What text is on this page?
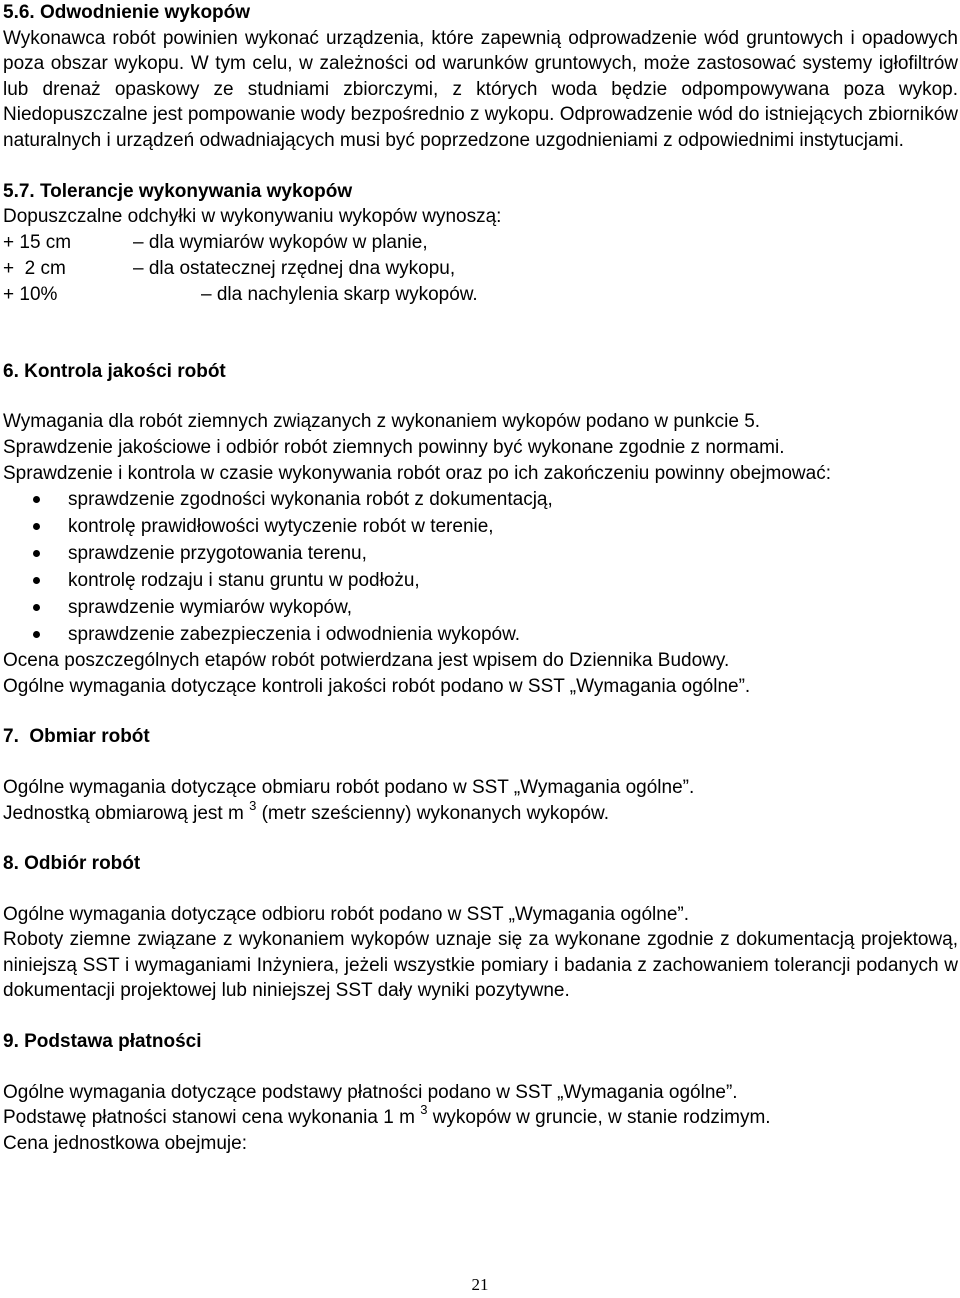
5.6. Odwodnienie wykopów

Wykonawca robót powinien wykonać urządzenia, które zapewnią odprowadzenie wód gruntowych i opadowych poza obszar wykopu. W tym celu, w zależności od warunków gruntowych, może zastosować systemy igłofiltrów lub drenaż opaskowy ze studniami zbiorczymi, z których woda będzie odpompowywana poza wykop. Niedopuszczalne jest pompowanie wody bezpośrednio z wykopu. Odprowadzenie wód do istniejących zbiorników naturalnych i urządzeń odwadniających musi być poprzedzone uzgodnieniami z odpowiednimi instytucjami.

5.7. Tolerancje wykonywania wykopów

Dopuszczalne odchyłki w wykonywaniu wykopów wynoszą:

+ 15 cm	– dla wymiarów wykopów w planie,
+  2 cm	– dla ostatecznej rzędnej dna wykopu,
+ 10%	– dla nachylenia skarp wykopów.
6. Kontrola jakości robót

Wymagania dla robót ziemnych związanych z wykonaniem wykopów podano w punkcie 5.

Sprawdzenie jakościowe i odbiór robót ziemnych powinny być wykonane zgodnie z normami.

Sprawdzenie i kontrola w czasie wykonywania robót oraz po ich zakończeniu powinny obejmować:

sprawdzenie zgodności wykonania robót z dokumentacją,
kontrolę prawidłowości wytyczenie robót w terenie,
sprawdzenie przygotowania terenu,
kontrolę rodzaju i stanu gruntu w podłożu,
sprawdzenie wymiarów wykopów,
sprawdzenie zabezpieczenia i odwodnienia wykopów.

Ocena poszczególnych etapów robót potwierdzana jest wpisem do Dziennika Budowy.

Ogólne wymagania dotyczące kontroli jakości robót podano w SST „Wymagania ogólne”.

7.  Obmiar robót

Ogólne wymagania dotyczące obmiaru robót podano w SST „Wymagania ogólne”.

Jednostką obmiarową jest m $^3$ (metr sześcienny) wykonanych wykopów.

8. Odbiór robót

Ogólne wymagania dotyczące odbioru robót podano w SST „Wymagania ogólne”.

Roboty ziemne związane z wykonaniem wykopów uznaje się za wykonane zgodnie z dokumentacją projektową, niniejszą SST i wymaganiami Inżyniera, jeżeli wszystkie pomiary i badania z zachowaniem tolerancji podanych w dokumentacji projektowej lub niniejszej SST dały wyniki pozytywne.

9. Podstawa płatności

Ogólne wymagania dotyczące podstawy płatności podano w SST „Wymagania ogólne”.

Podstawę płatności stanowi cena wykonania 1 m $^3$ wykopów w gruncie, w stanie rodzimym.

Cena jednostkowa obejmuje:

21
